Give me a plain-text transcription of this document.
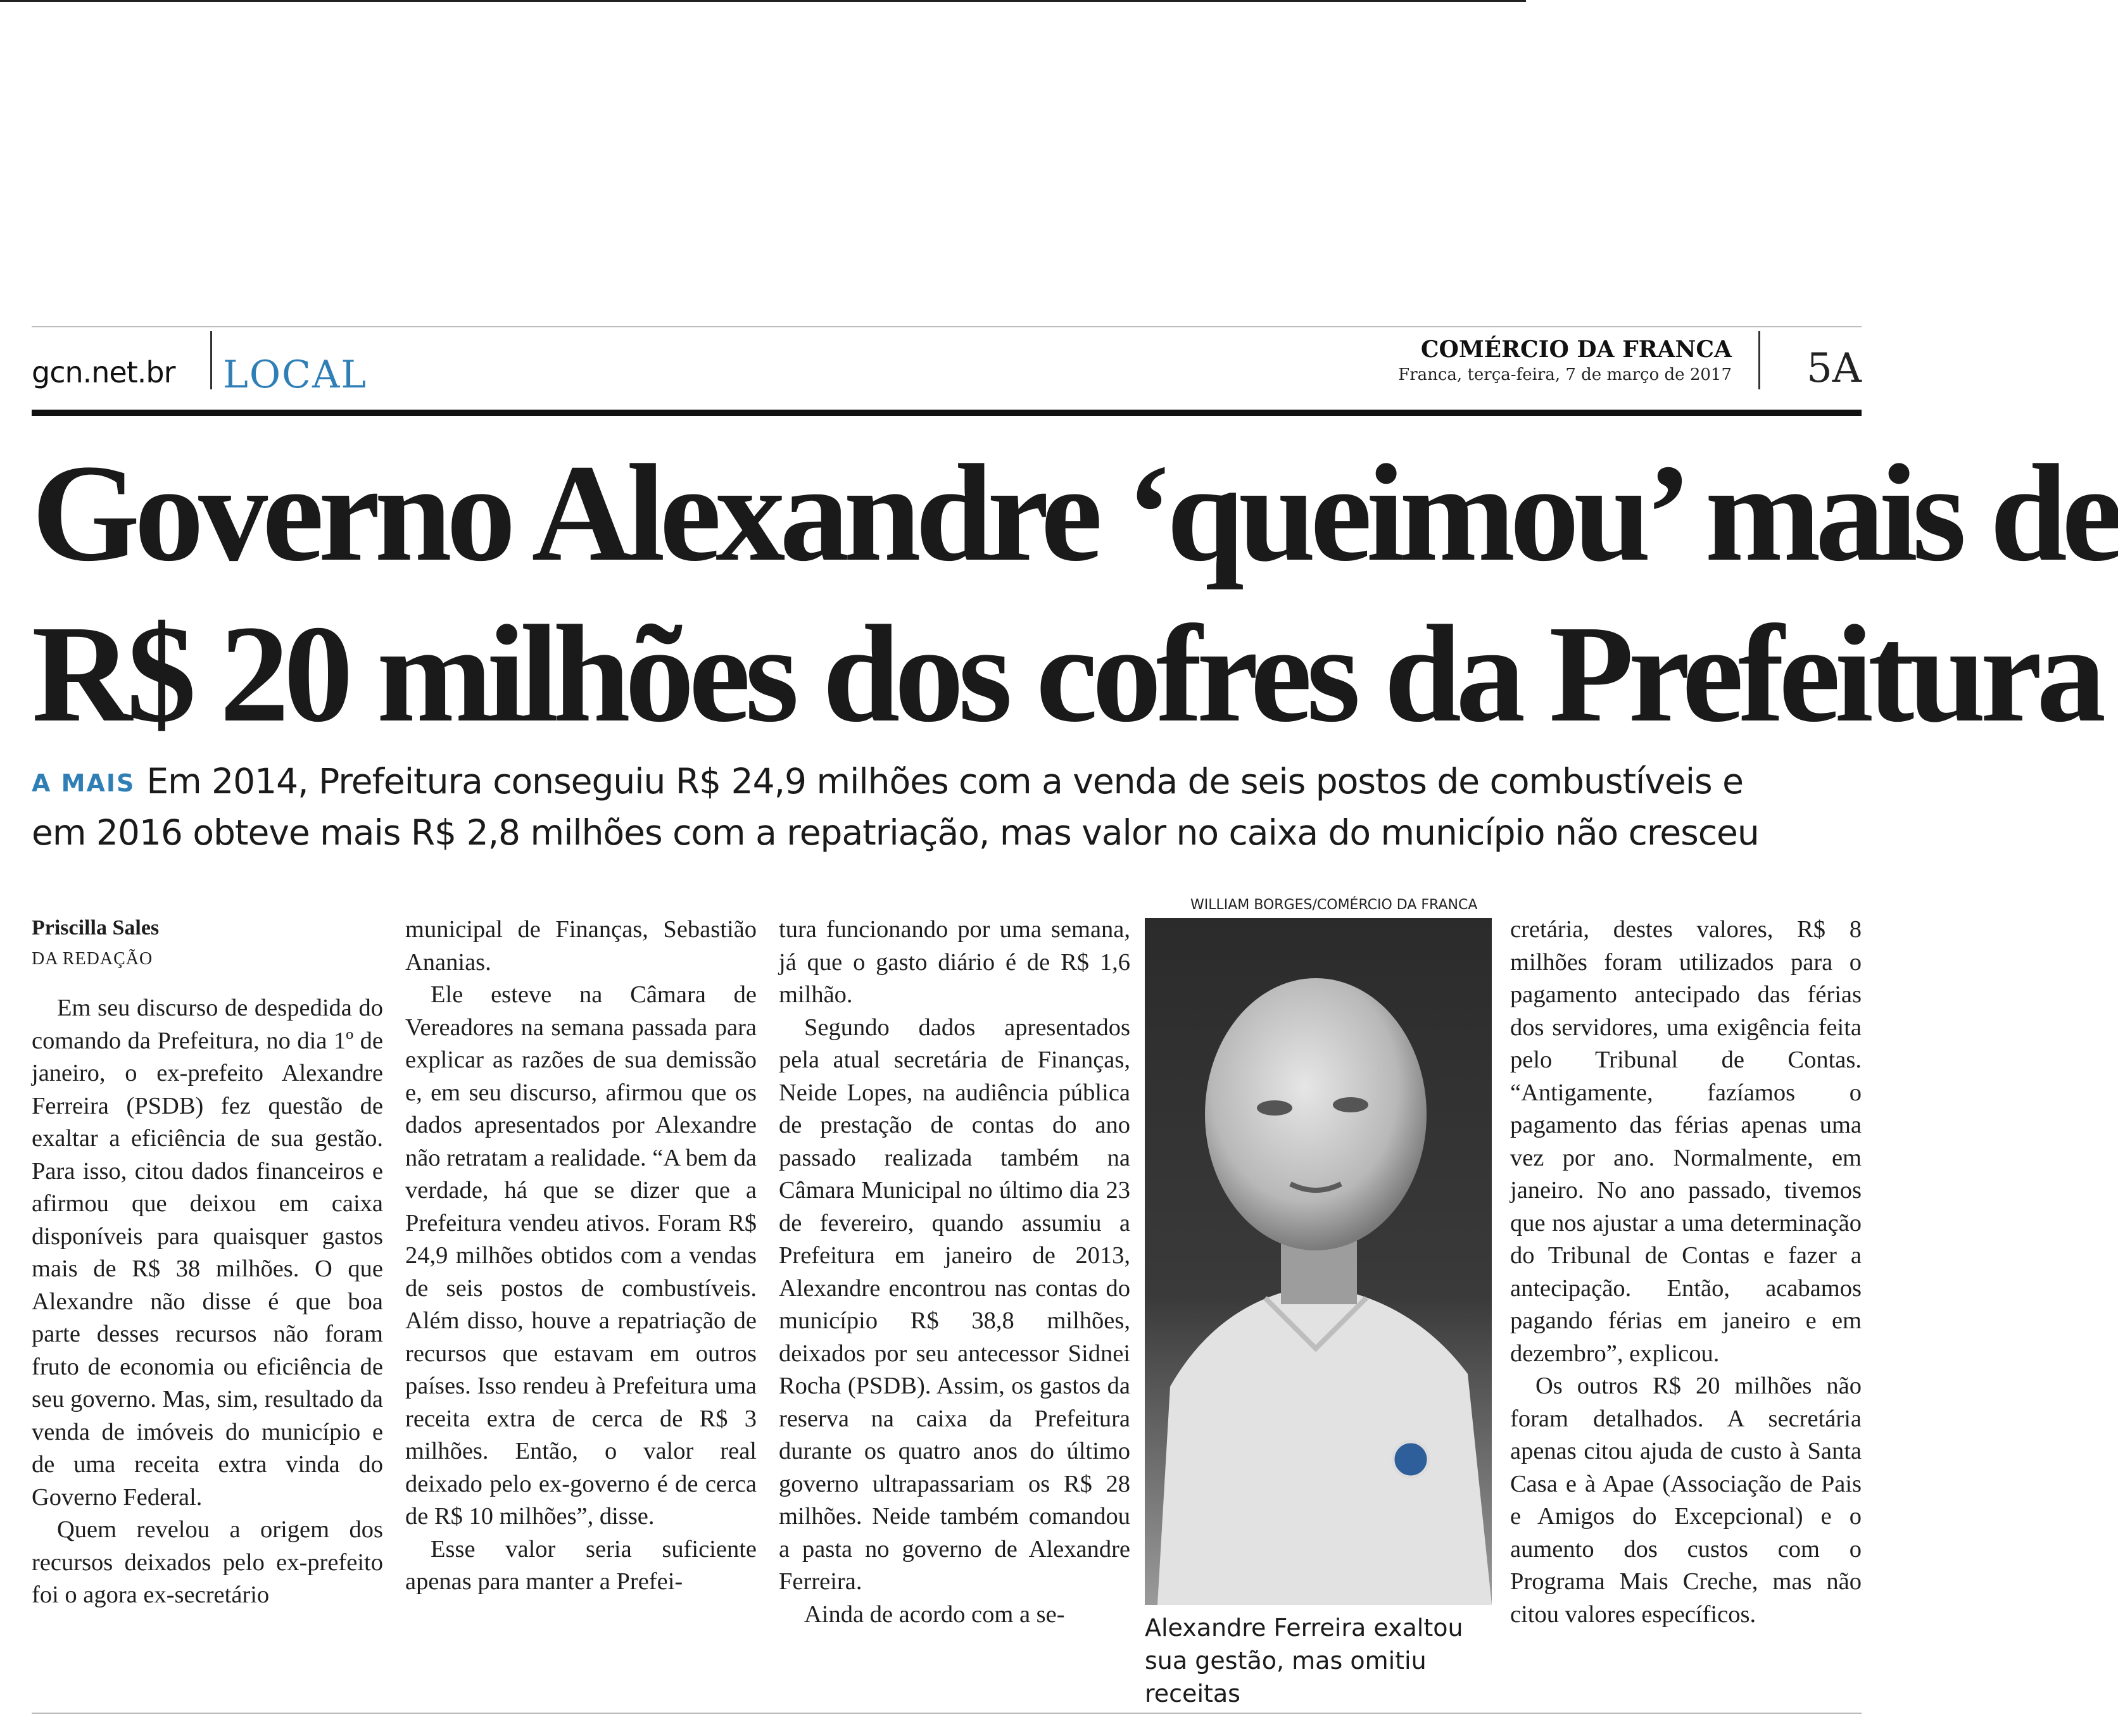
gcn.net.br LOCAL
COMÉRCIO DA FRANCA
Franca, terça-feira, 7 de março de 2017 5A
Governo Alexandre ‘queimou’ mais de
R$ 20 milhões dos cofres da Prefeitura
A MAIS Em 2014, Prefeitura conseguiu R$ 24,9 milhões com a venda de seis postos de combustíveis e
em 2016 obteve mais R$ 2,8 milhões com a repatriação, mas valor no caixa do município não cresceu
Priscilla Sales
DA REDAÇÃO

Em seu discurso de despedida do comando da Prefeitura, no dia 1º de janeiro, o ex-prefeito Alexandre Ferreira (PSDB) fez questão de exaltar a eficiência de sua gestão. Para isso, citou dados financeiros e afirmou que deixou em caixa disponíveis para quaisquer gastos mais de R$ 38 milhões. O que Alexandre não disse é que boa parte desses recursos não foram fruto de economia ou eficiência de seu governo. Mas, sim, resultado da venda de imóveis do município e de uma receita extra vinda do Governo Federal.

Quem revelou a origem dos recursos deixados pelo ex-prefeito foi o agora ex-secretário

municipal de Finanças, Sebastião Ananias.

Ele esteve na Câmara de Vereadores na semana passada para explicar as razões de sua demissão e, em seu discurso, afirmou que os dados apresentados por Alexandre não retratam a realidade. “A bem da verdade, há que se dizer que a Prefeitura vendeu ativos. Foram R$ 24,9 milhões obtidos com a vendas de seis postos de combustíveis. Além disso, houve a repatriação de recursos que estavam em outros países. Isso rendeu à Prefeitura uma receita extra de cerca de R$ 3 milhões. Então, o valor real deixado pelo ex-governo é de cerca de R$ 10 milhões”, disse.

Esse valor seria suficiente apenas para manter a Prefei-

tura funcionando por uma semana, já que o gasto diário é de R$ 1,6 milhão.

Segundo dados apresentados pela atual secretária de Finanças, Neide Lopes, na audiência pública de prestação de contas do ano passado realizada também na Câmara Municipal no último dia 23 de fevereiro, quando assumiu a Prefeitura em janeiro de 2013, Alexandre encontrou nas contas do município R$ 38,8 milhões, deixados por seu antecessor Sidnei Rocha (PSDB). Assim, os gastos da reserva na caixa da Prefeitura durante os quatro anos do último governo ultrapassariam os R$ 28 milhões. Neide também comandou a pasta no governo de Alexandre Ferreira.

Ainda de acordo com a se-

WILLIAM BORGES/COMÉRCIO DA FRANCA
Alexandre Ferreira exaltou sua gestão, mas omitiu receitas

cretária, destes valores, R$ 8 milhões foram utilizados para o pagamento antecipado das férias dos servidores, uma exigência feita pelo Tribunal de Contas. “Antigamente, fazíamos o pagamento das férias apenas uma vez por ano. Normalmente, em janeiro. No ano passado, tivemos que nos ajustar a uma determinação do Tribunal de Contas e fazer a antecipação. Então, acabamos pagando férias em janeiro e em dezembro”, explicou.

Os outros R$ 20 milhões não foram detalhados. A secretária apenas citou ajuda de custo à Santa Casa e à Apae (Associação de Pais e Amigos do Excepcional) e o aumento dos custos com o Programa Mais Creche, mas não citou valores específicos.
